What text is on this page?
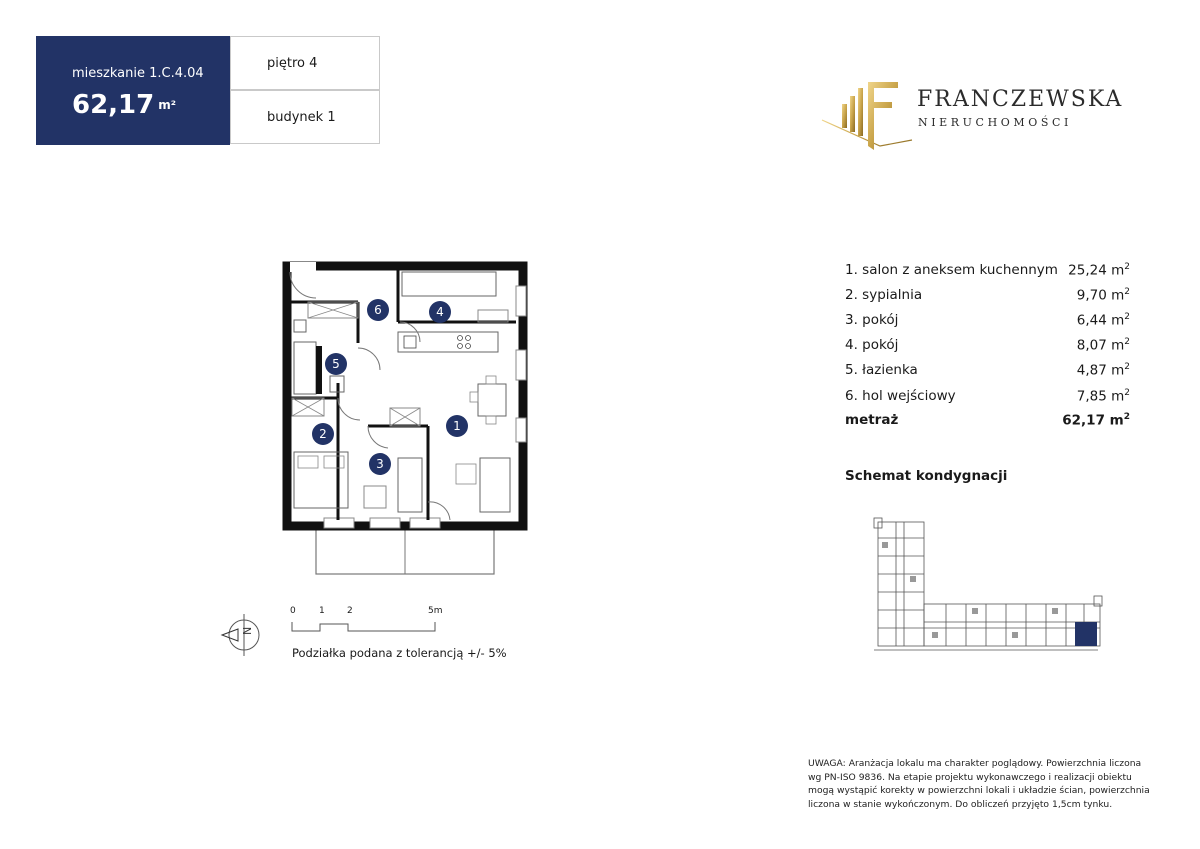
mieszkanie 1.C.4.04
62,17 m²
piętro 4
budynek 1
FRANCZEWSKA
NIERUCHOMOŚCI
1
2
3
4
5
6
N
0	1 2	5m
Podziałka podana z tolerancją +/- 5%
1. salon z aneksem kuchennym 25,24 $m^2$
2. sypialnia	9,70 $m^2$
3. pokój	6,44 $m^2$
4. pokój	8,07 $m^2$
5. łazienka	4,87 $m^2$
6. hol wejściowy	7,85 $m^2$
metraż	62,17 $m^2$
Schemat kondygnacji
UWAGA: Aranżacja lokalu ma charakter poglądowy. Powierzchnia liczona
wg PN-ISO 9836. Na etapie projektu wykonawczego i realizacji obiektu
mogą wystąpić korekty w powierzchni lokali i układzie ścian, powierzchnia
liczona w stanie wykończonym. Do obliczeń przyjęto 1,5cm tynku.
